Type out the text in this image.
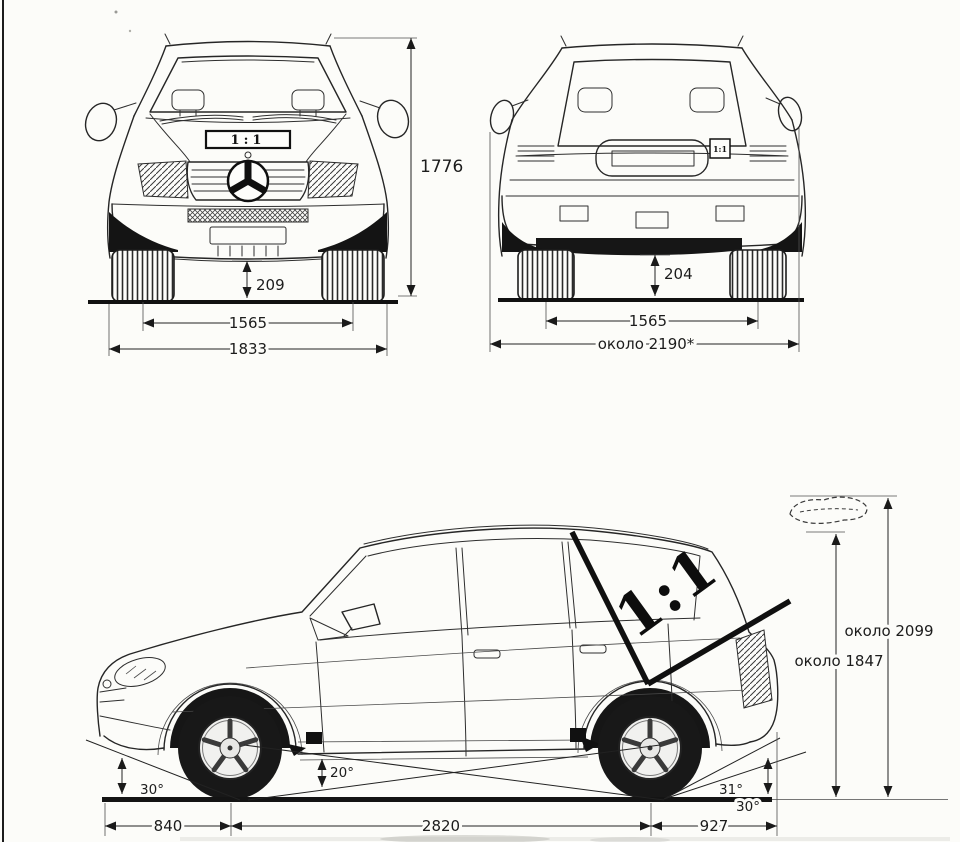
1:1
1776
209
1565
1833
1:1
204
1565
около 2190*
1:1
30°
20°
31°
30°
около 2099
около 1847
840	2820	927
